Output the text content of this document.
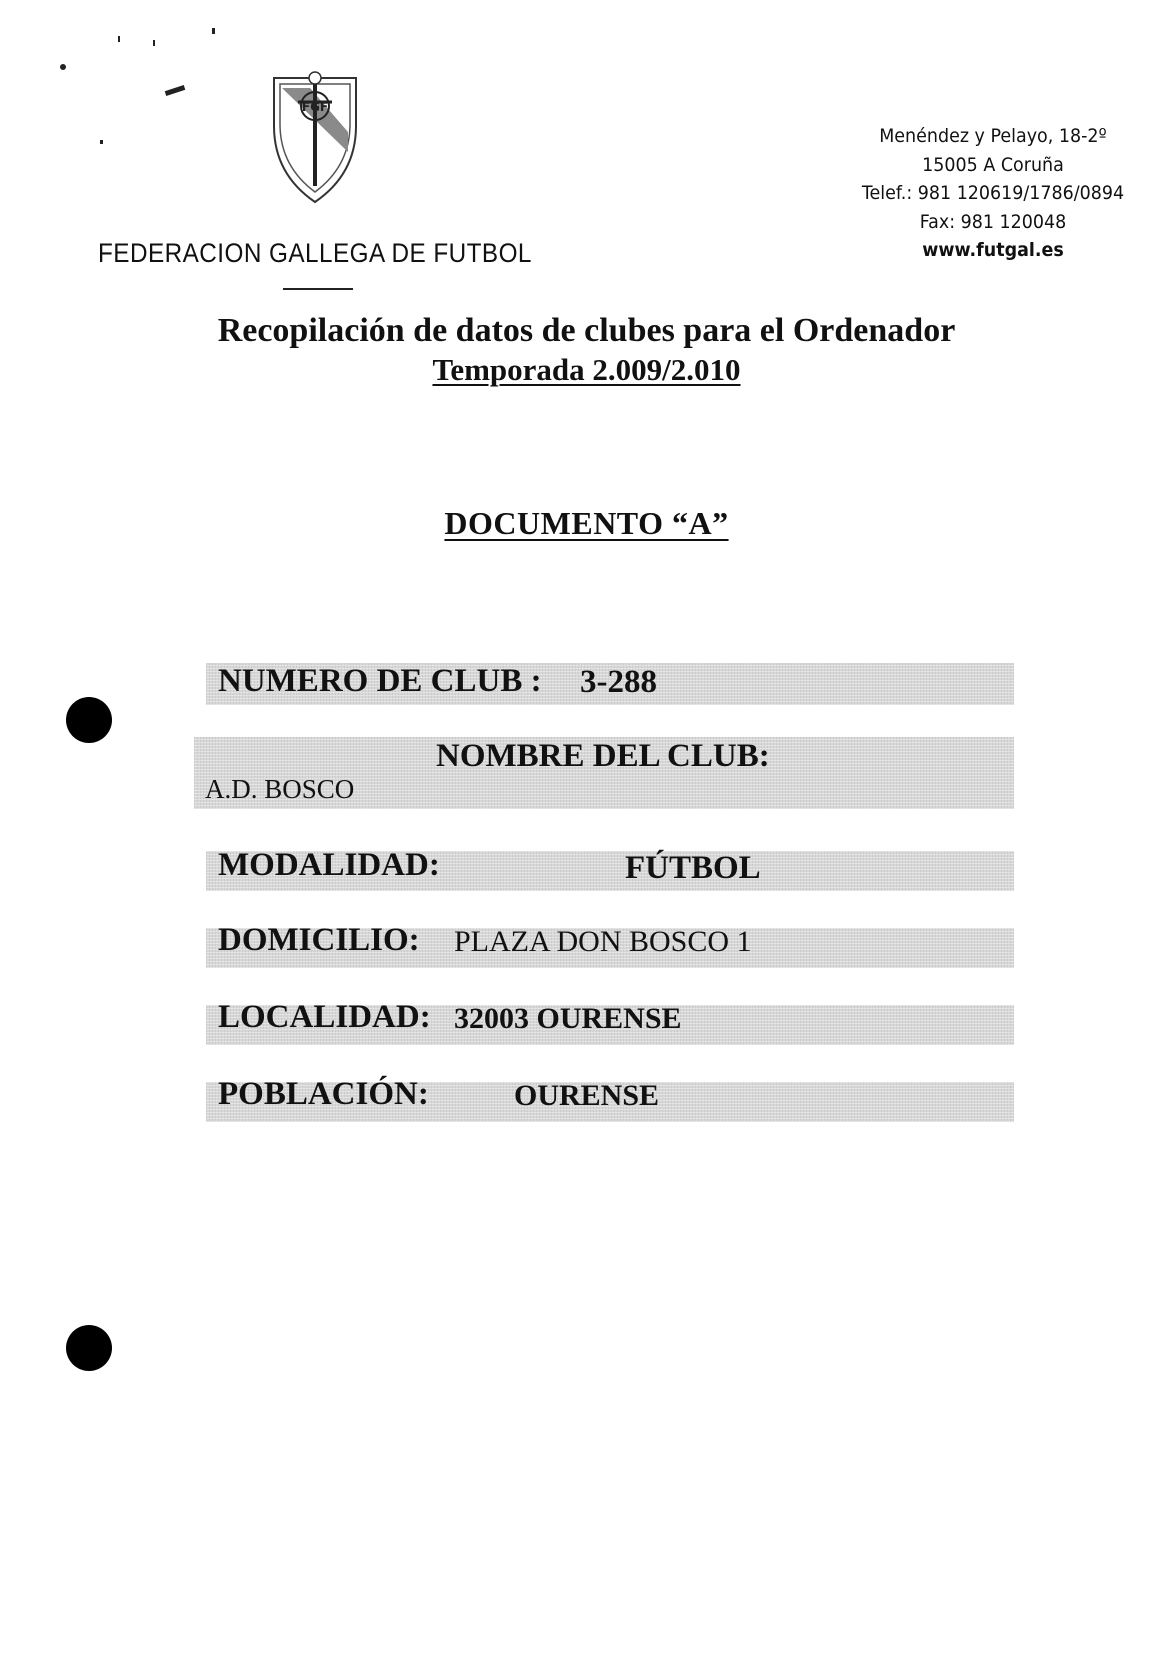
FGF
FEDERACION GALLEGA DE FUTBOL
Menéndez y Pelayo, 18-2º
15005 A Coruña
Telef.: 981 120619/1786/0894
Fax: 981 120048
www.futgal.es
Recopilación de datos de clubes para el Ordenador
Temporada 2.009/2.010
DOCUMENTO “A”
NUMERO DE CLUB : 3-288
NOMBRE DEL CLUB:
A.D. BOSCO
MODALIDAD:	FÚTBOL
DOMICILIO: PLAZA DON BOSCO 1
LOCALIDAD: 32003 OURENSE
POBLACIÓN:	OURENSE
